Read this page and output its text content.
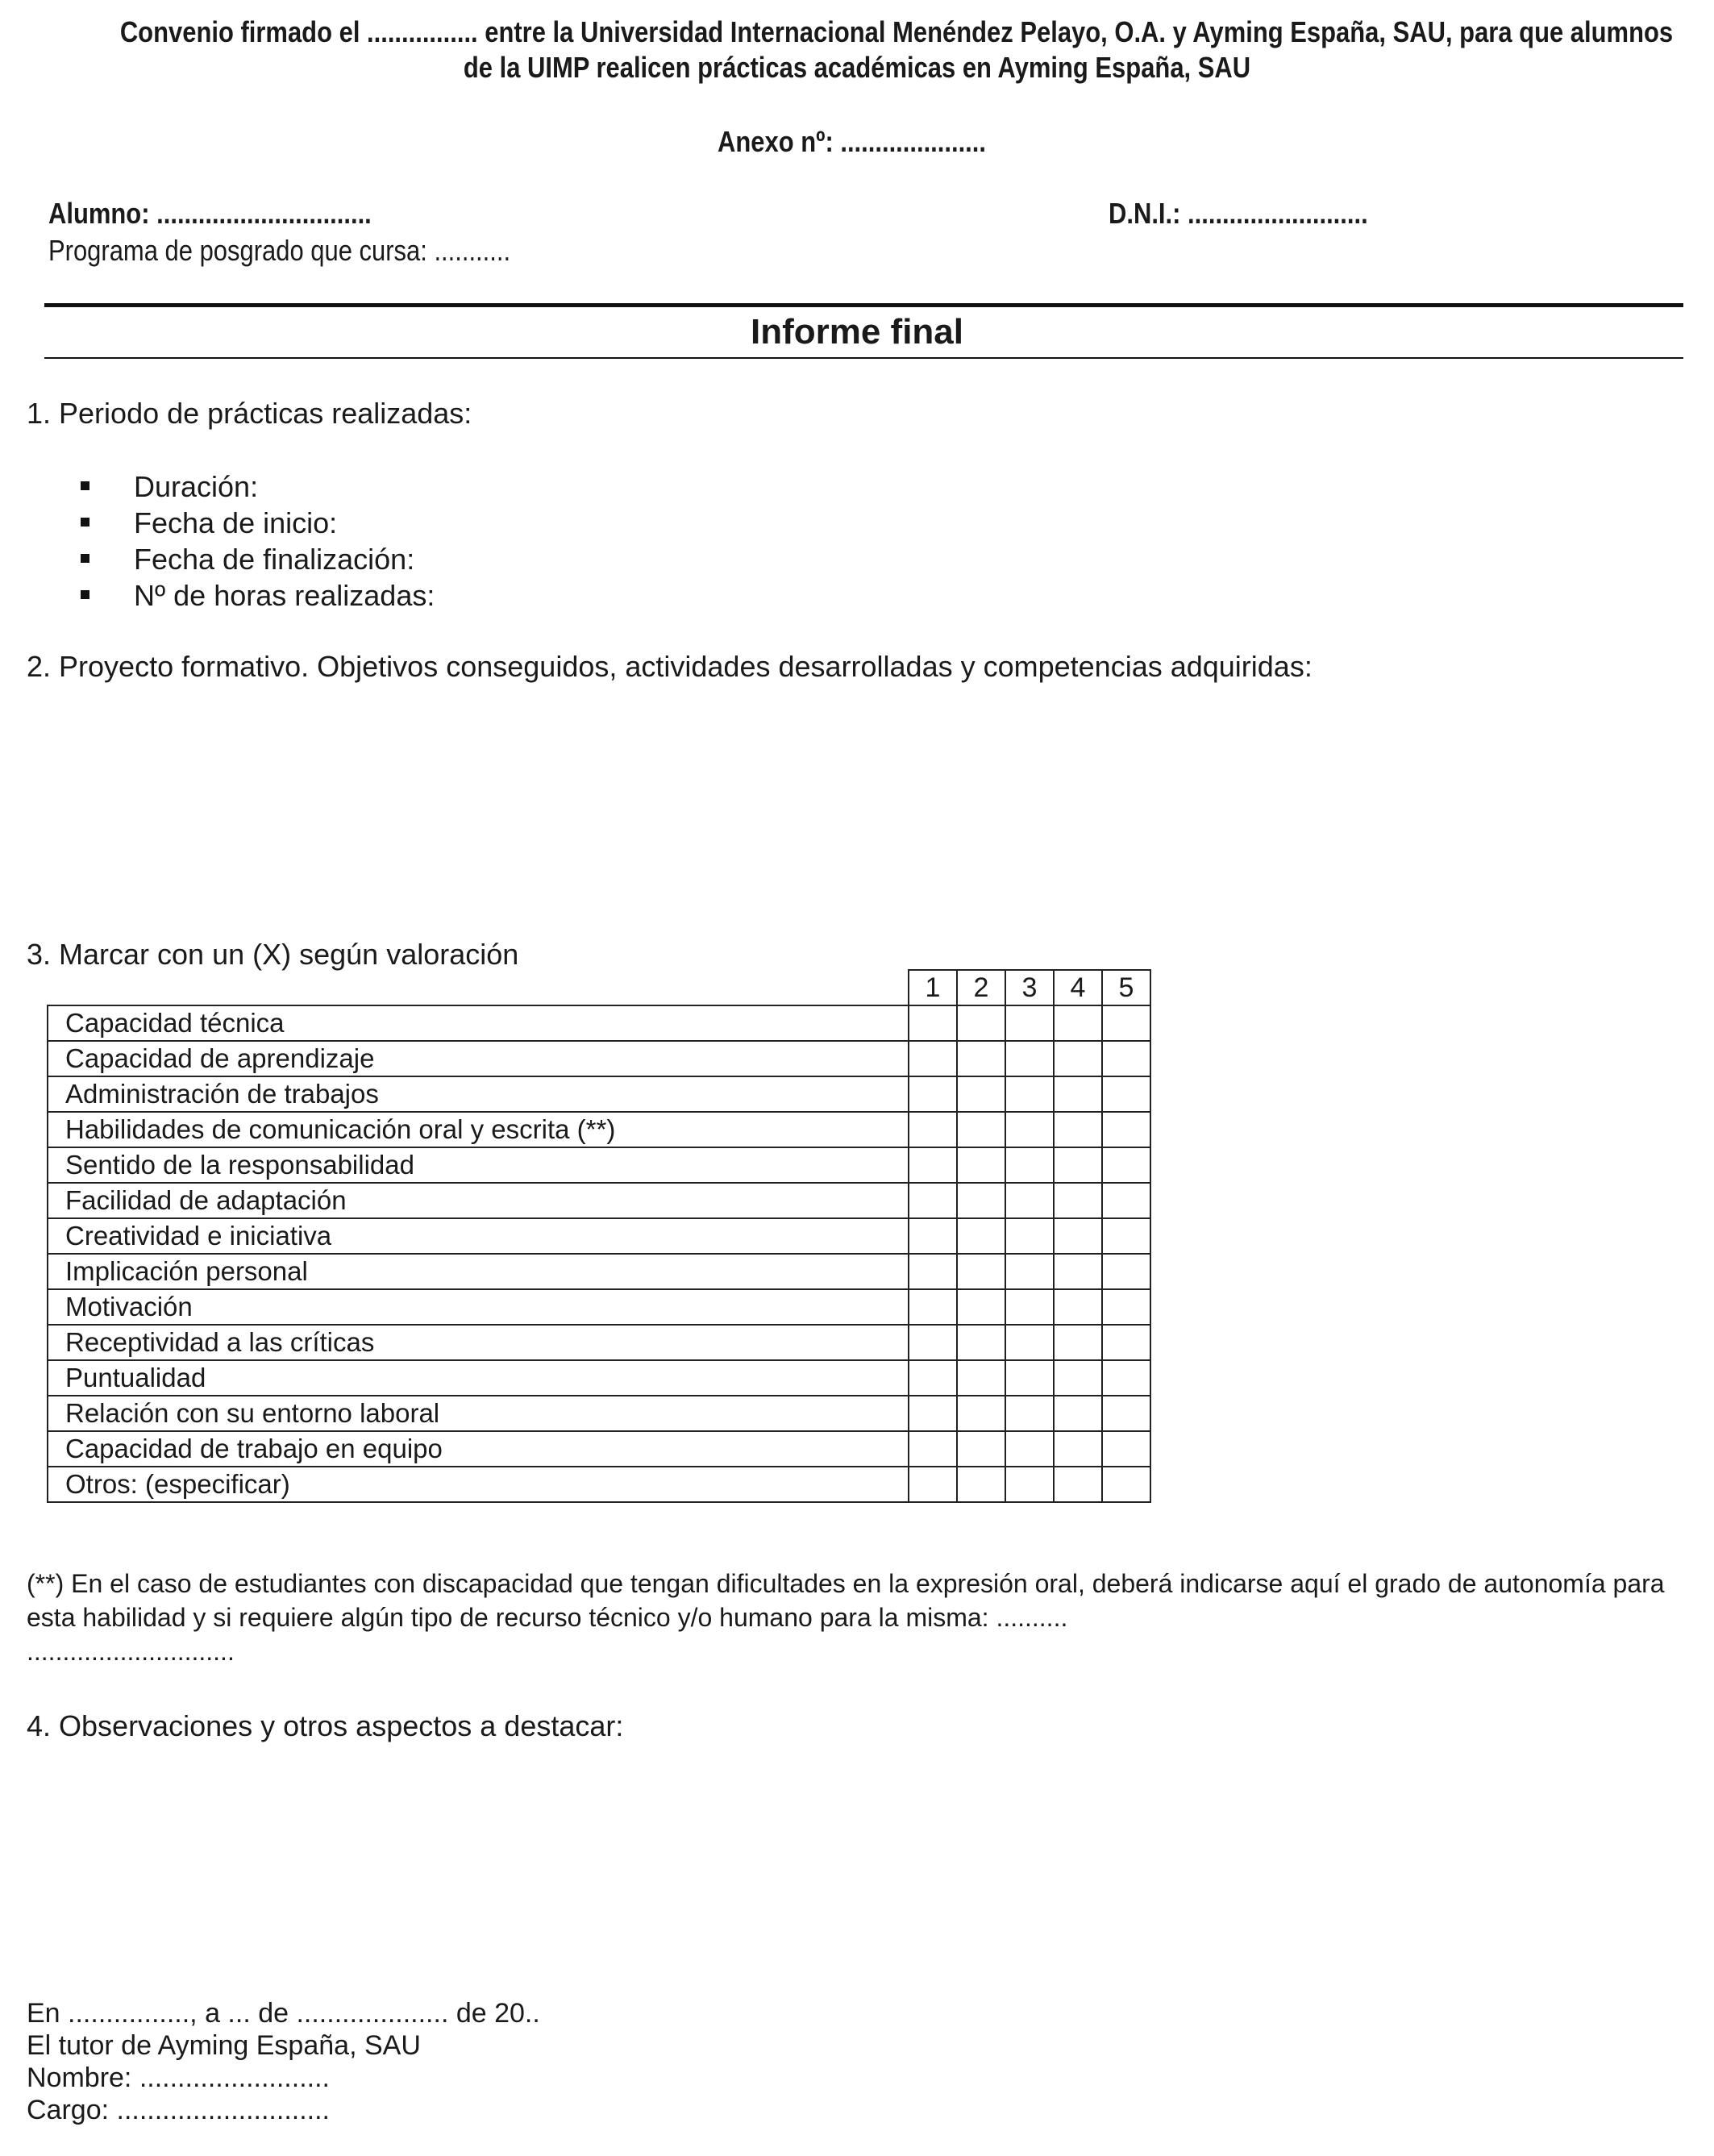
Convenio firmado el ................ entre la Universidad Internacional Menéndez Pelayo, O.A. y Ayming España, SAU, para que alumnos
de la UIMP realicen prácticas académicas en Ayming España, SAU
Anexo nº: .....................
Alumno: ...............................	D.N.I.: ..........................
Programa de posgrado que cursa: ...........
Informe final
1. Periodo de prácticas realizadas:
Duración:
Fecha de inicio:
Fecha de finalización:
Nº de horas realizadas:
2. Proyecto formativo. Objetivos conseguidos, actividades desarrolladas y competencias adquiridas:
3. Marcar con un (X) según valoración
	1	2	3	4	5
Capacidad técnica					
Capacidad de aprendizaje					
Administración de trabajos					
Habilidades de comunicación oral y escrita (**)					
Sentido de la responsabilidad					
Facilidad de adaptación					
Creatividad e iniciativa					
Implicación personal					
Motivación					
Receptividad a las críticas					
Puntualidad					
Relación con su entorno laboral					
Capacidad de trabajo en equipo					
Otros: (especificar)					
(**) En el caso de estudiantes con discapacidad que tengan dificultades en la expresión oral, deberá indicarse aquí el grado de autonomía para esta habilidad y si requiere algún tipo de recurso técnico y/o humano para la misma: ..........
.............................
4. Observaciones y otros aspectos a destacar:
En ................, a ... de .................... de 20..
El tutor de Ayming España, SAU
Nombre: .........................
Cargo: ............................
